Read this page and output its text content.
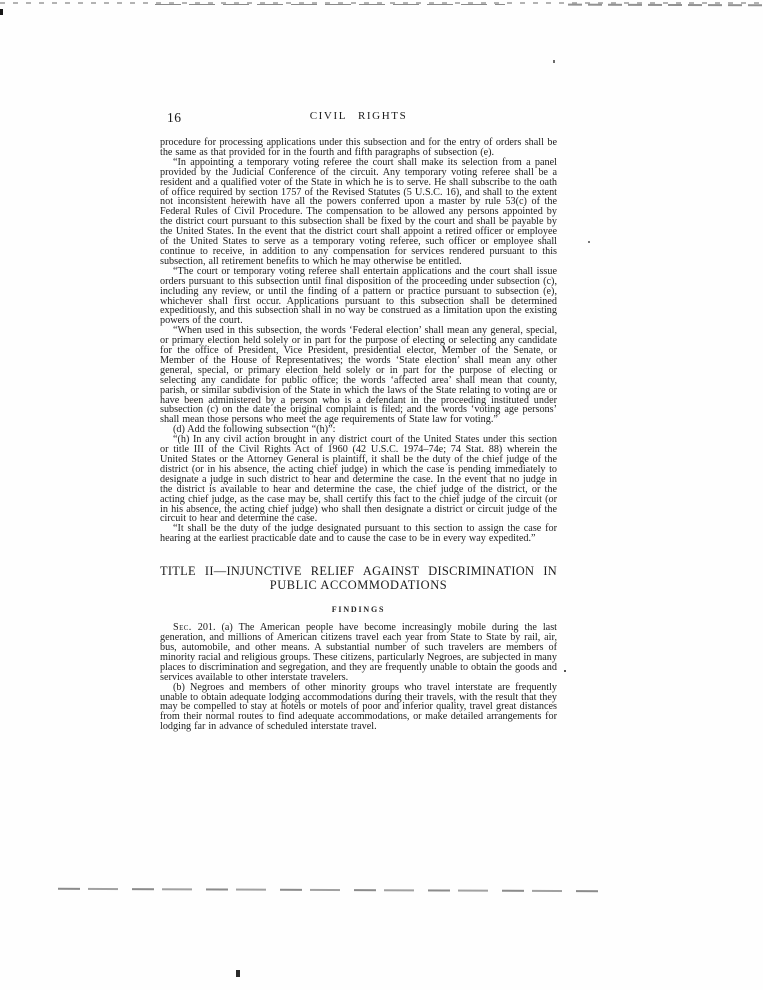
16	CIVIL RIGHTS

procedure for processing applications under this subsection and for the entry of orders shall be the same as that provided for in the fourth and fifth paragraphs of subsection (e).

“In appointing a temporary voting referee the court shall make its selection from a panel provided by the Judicial Conference of the circuit. Any temporary voting referee shall be a resident and a qualified voter of the State in which he is to serve. He shall subscribe to the oath of office required by section 1757 of the Revised Statutes (5 U.S.C. 16), and shall to the extent not inconsistent herewith have all the powers conferred upon a master by rule 53(c) of the Federal Rules of Civil Procedure. The compensation to be allowed any persons appointed by the district court pursuant to this subsection shall be fixed by the court and shall be payable by the United States. In the event that the district court shall appoint a retired officer or employee of the United States to serve as a temporary voting referee, such officer or employee shall continue to receive, in addition to any compensation for services rendered pursuant to this subsection, all retirement benefits to which he may otherwise be entitled.

“The court or temporary voting referee shall entertain applications and the court shall issue orders pursuant to this subsection until final disposition of the proceeding under subsection (c), including any review, or until the finding of a pattern or practice pursuant to subsection (e), whichever shall first occur. Applications pursuant to this subsection shall be determined expeditiously, and this subsection shall in no way be construed as a limitation upon the existing powers of the court.

“When used in this subsection, the words ‘Federal election’ shall mean any general, special, or primary election held solely or in part for the purpose of electing or selecting any candidate for the office of President, Vice President, presidential elector, Member of the Senate, or Member of the House of Representatives; the words ‘State election’ shall mean any other general, special, or primary election held solely or in part for the purpose of electing or selecting any candidate for public office; the words ‘affected area’ shall mean that county, parish, or similar subdivision of the State in which the laws of the State relating to voting are or have been administered by a person who is a defendant in the proceeding instituted under subsection (c) on the date the original complaint is filed; and the words ‘voting age persons’ shall mean those persons who meet the age requirements of State law for voting.”

(d) Add the following subsection “(h)”:

“(h) In any civil action brought in any district court of the United States under this section or title III of the Civil Rights Act of 1960 (42 U.S.C. 1974–74e; 74 Stat. 88) wherein the United States or the Attorney General is plaintiff, it shall be the duty of the chief judge of the district (or in his absence, the acting chief judge) in which the case is pending immediately to designate a judge in such district to hear and determine the case. In the event that no judge in the district is available to hear and determine the case, the chief judge of the district, or the acting chief judge, as the case may be, shall certify this fact to the chief judge of the circuit (or in his absence, the acting chief judge) who shall then designate a district or circuit judge of the circuit to hear and determine the case.

“It shall be the duty of the judge designated pursuant to this section to assign the case for hearing at the earliest practicable date and to cause the case to be in every way expedited.”

TITLE II—INJUNCTIVE RELIEF AGAINST DISCRIMINATION IN
PUBLIC ACCOMMODATIONS
FINDINGS

Sec. 201. (a) The American people have become increasingly mobile during the last generation, and millions of American citizens travel each year from State to State by rail, air, bus, automobile, and other means. A substantial number of such travelers are members of minority racial and religious groups. These citizens, particularly Negroes, are subjected in many places to discrimination and segregation, and they are frequently unable to obtain the goods and services available to other interstate travelers.

(b) Negroes and members of other minority groups who travel interstate are frequently unable to obtain adequate lodging accommodations during their travels, with the result that they may be compelled to stay at hotels or motels of poor and inferior quality, travel great distances from their normal routes to find adequate accommodations, or make detailed arrangements for lodging far in advance of scheduled interstate travel.
